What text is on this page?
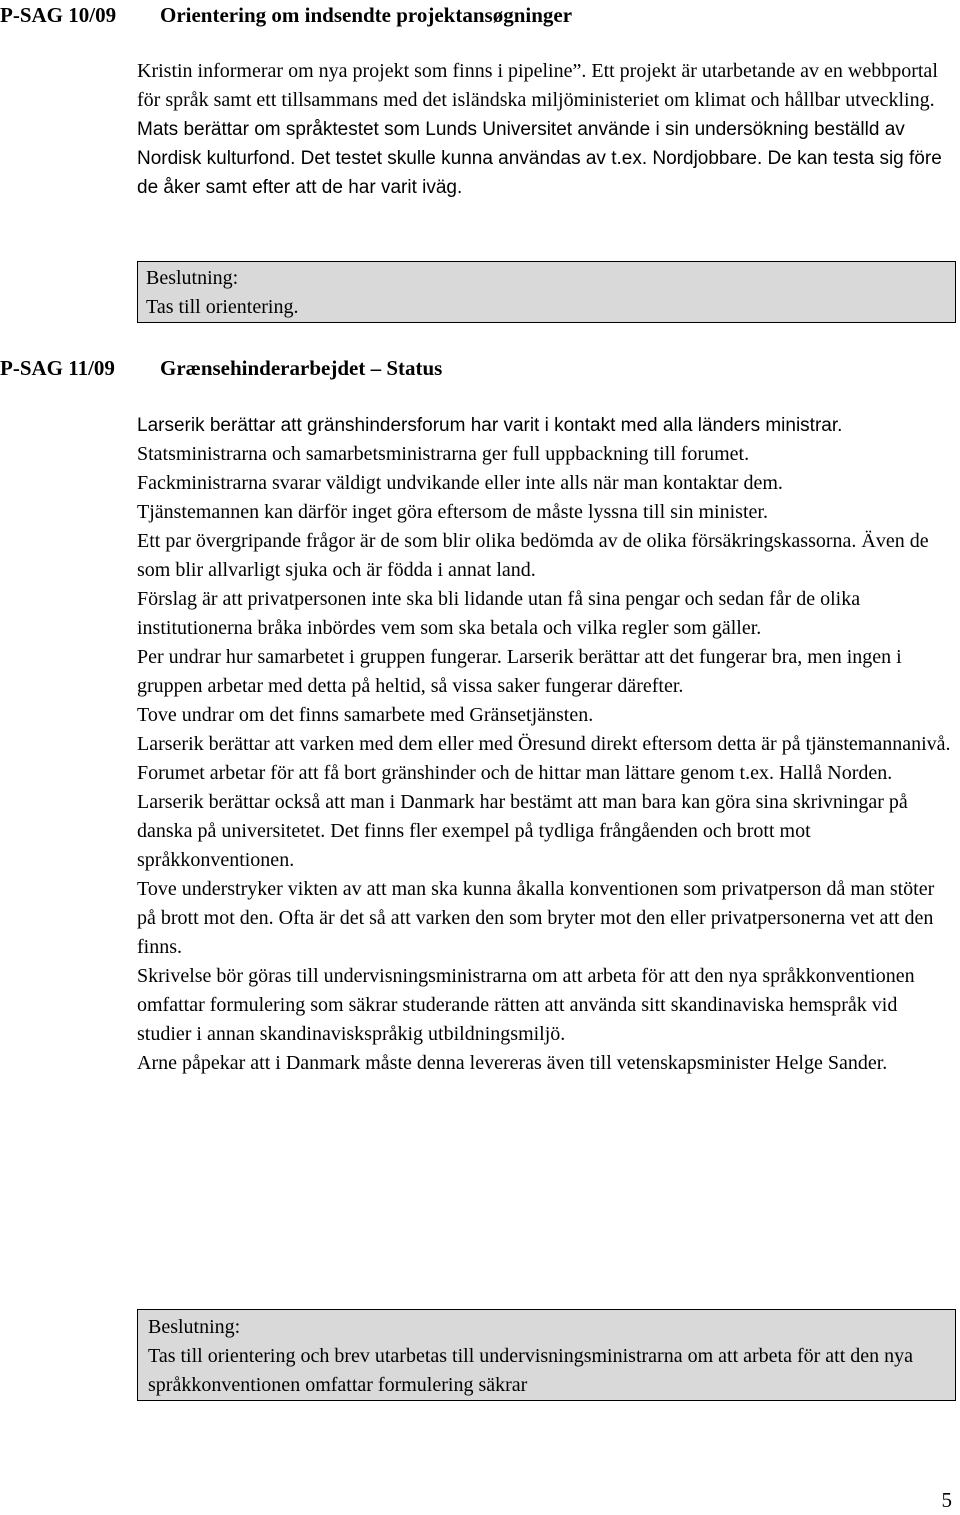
P-SAG 10/09 Orientering om indsendte projektansøgninger

Kristin informerar om nya projekt som finns i pipeline”. Ett projekt är utarbetande av en webbportal för språk samt ett tillsammans med det isländska miljöministeriet om klimat och hållbar utveckling.

Mats berättar om språktestet som Lunds Universitet använde i sin undersökning beställd av Nordisk kulturfond. Det testet skulle kunna användas av t.ex. Nordjobbare. De kan testa sig före de åker samt efter att de har varit iväg.

Beslutning:
Tas till orientering.
P-SAG 11/09 Grænsehinderarbejdet – Status

Larserik berättar att gränshindersforum har varit i kontakt med alla länders ministrar.

Statsministrarna och samarbetsministrarna ger full uppbackning till forumet.

Fackministrarna svarar väldigt undvikande eller inte alls när man kontaktar dem.

Tjänstemannen kan därför inget göra eftersom de måste lyssna till sin minister.

Ett par övergripande frågor är de som blir olika bedömda av de olika försäkringskassorna. Även de som blir allvarligt sjuka och är födda i annat land.

Förslag är att privatpersonen inte ska bli lidande utan få sina pengar och sedan får de olika institutionerna bråka inbördes vem som ska betala och vilka regler som gäller.

Per undrar hur samarbetet i gruppen fungerar. Larserik berättar att det fungerar bra, men ingen i gruppen arbetar med detta på heltid, så vissa saker fungerar därefter.

Tove undrar om det finns samarbete med Gränsetjänsten.

Larserik berättar att varken med dem eller med Öresund direkt eftersom detta är på tjänstemannanivå. Forumet arbetar för att få bort gränshinder och de hittar man lättare genom t.ex. Hallå Norden.

Larserik berättar också att man i Danmark har bestämt att man bara kan göra sina skrivningar på danska på universitetet. Det finns fler exempel på tydliga frångåenden och brott mot språkkonventionen.

Tove understryker vikten av att man ska kunna åkalla konventionen som privatperson då man stöter på brott mot den. Ofta är det så att varken den som bryter mot den eller privatpersonerna vet att den finns.

Skrivelse bör göras till undervisningsministrarna om att arbeta för att den nya språkkonventionen omfattar formulering som säkrar studerande rätten att använda sitt skandinaviska hemspråk vid studier i annan skandinaviskspråkig utbildningsmiljö.

Arne påpekar att i Danmark måste denna levereras även till vetenskapsminister Helge Sander.

Beslutning:
Tas till orientering och brev utarbetas till undervisningsministrarna om att arbeta för att den nya språkkonventionen omfattar formulering säkrar
5
